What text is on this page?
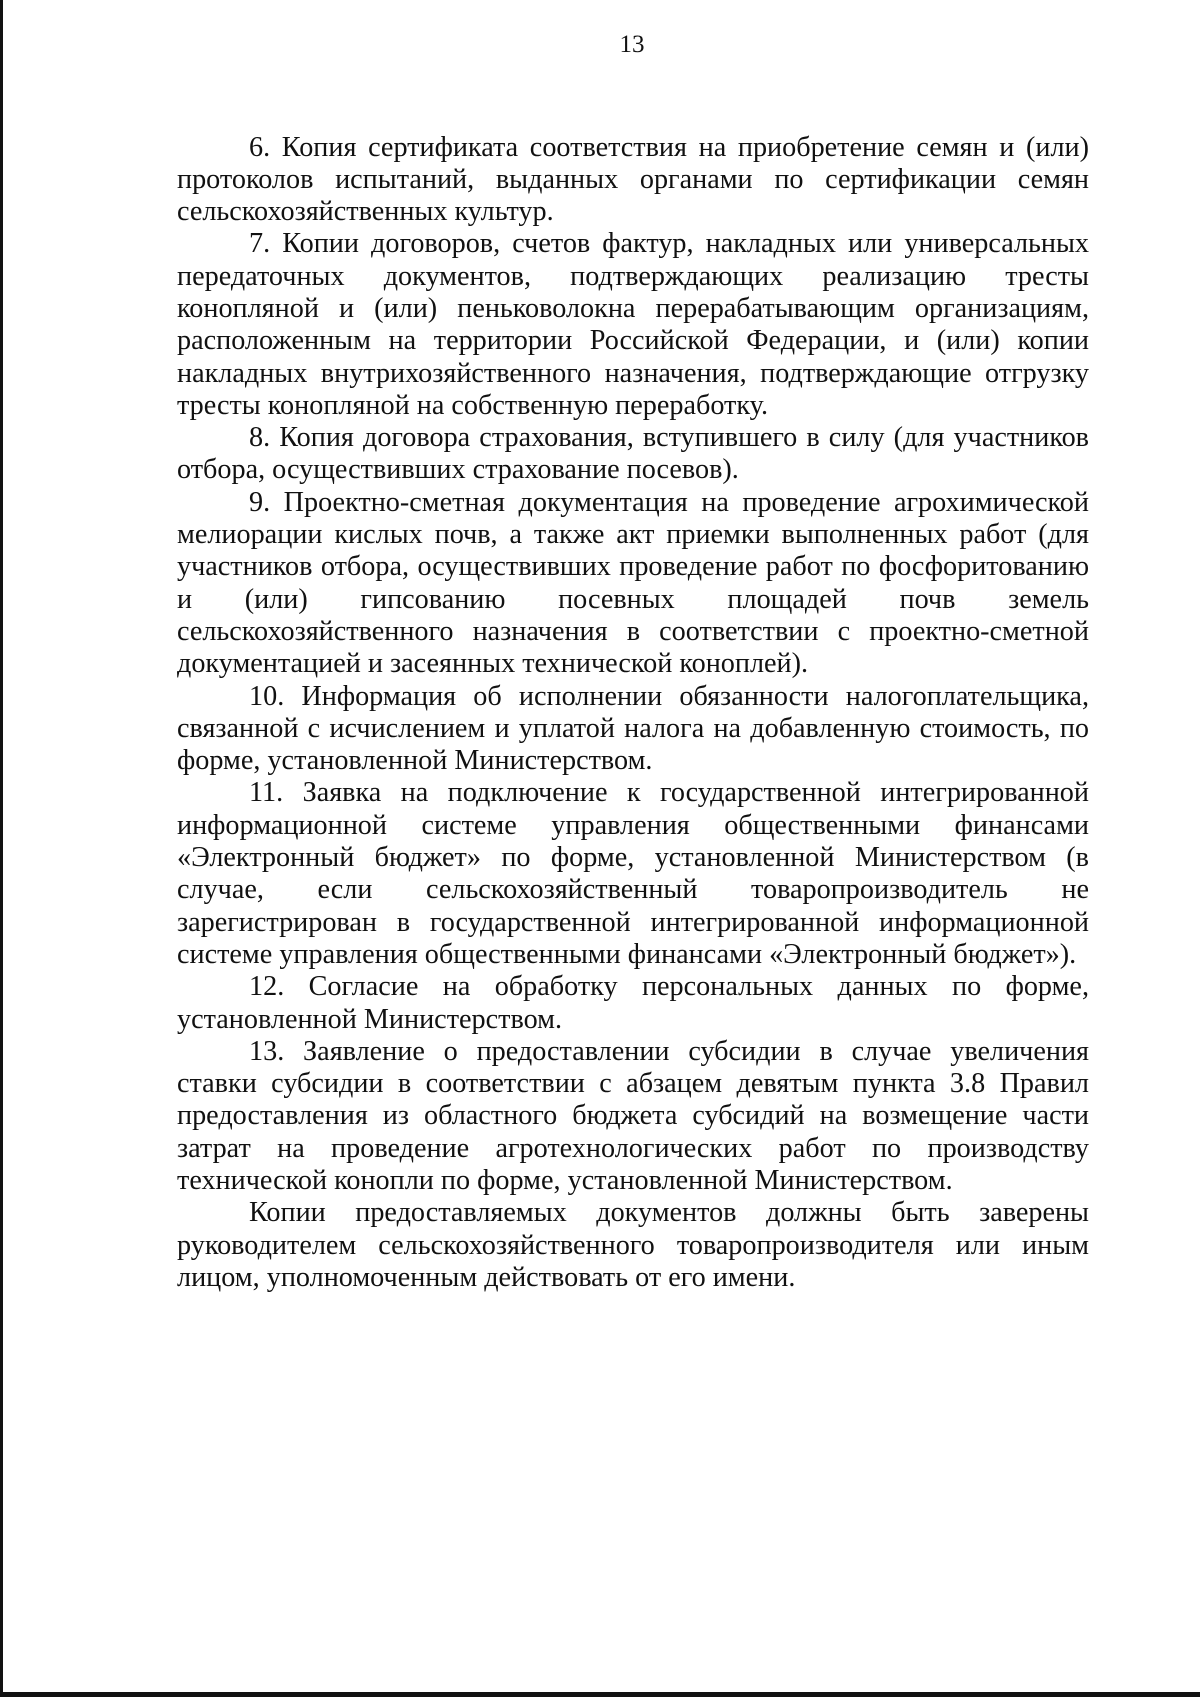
13

6. Копия сертификата соответствия на приобретение семян и (или) протоколов испытаний, выданных органами по сертификации семян сельскохозяйственных культур.

7. Копии договоров, счетов фактур, накладных или универсальных передаточных документов, подтверждающих реализацию тресты конопляной и (или) пеньковолокна перерабатывающим организациям, расположенным на территории Российской Федерации, и (или) копии накладных внутрихозяйственного назначения, подтверждающие отгрузку тресты конопляной на собственную переработку.

8. Копия договора страхования, вступившего в силу (для участников отбора, осуществивших страхование посевов).

9. Проектно-сметная документация на проведение агрохимической мелиорации кислых почв, а также акт приемки выполненных работ (для участников отбора, осуществивших проведение работ по фосфоритованию и (или) гипсованию посевных площадей почв земель сельскохозяйственного назначения в соответствии с проектно-сметной документацией и засеянных технической коноплей).

10. Информация об исполнении обязанности налогоплательщика, связанной с исчислением и уплатой налога на добавленную стоимость, по форме, установленной Министерством.

11. Заявка на подключение к государственной интегрированной информационной системе управления общественными финансами «Электронный бюджет» по форме, установленной Министерством (в случае, если сельскохозяйственный товаропроизводитель не зарегистрирован в государственной интегрированной информационной системе управления общественными финансами «Электронный бюджет»).

12. Согласие на обработку персональных данных по форме, установленной Министерством.

13. Заявление о предоставлении субсидии в случае увеличения ставки субсидии в соответствии с абзацем девятым пункта 3.8 Правил предоставления из областного бюджета субсидий на возмещение части затрат на проведение агротехнологических работ по производству технической конопли по форме, установленной Министерством.

Копии предоставляемых документов должны быть заверены руководителем сельскохозяйственного товаропроизводителя или иным лицом, уполномоченным действовать от его имени.
